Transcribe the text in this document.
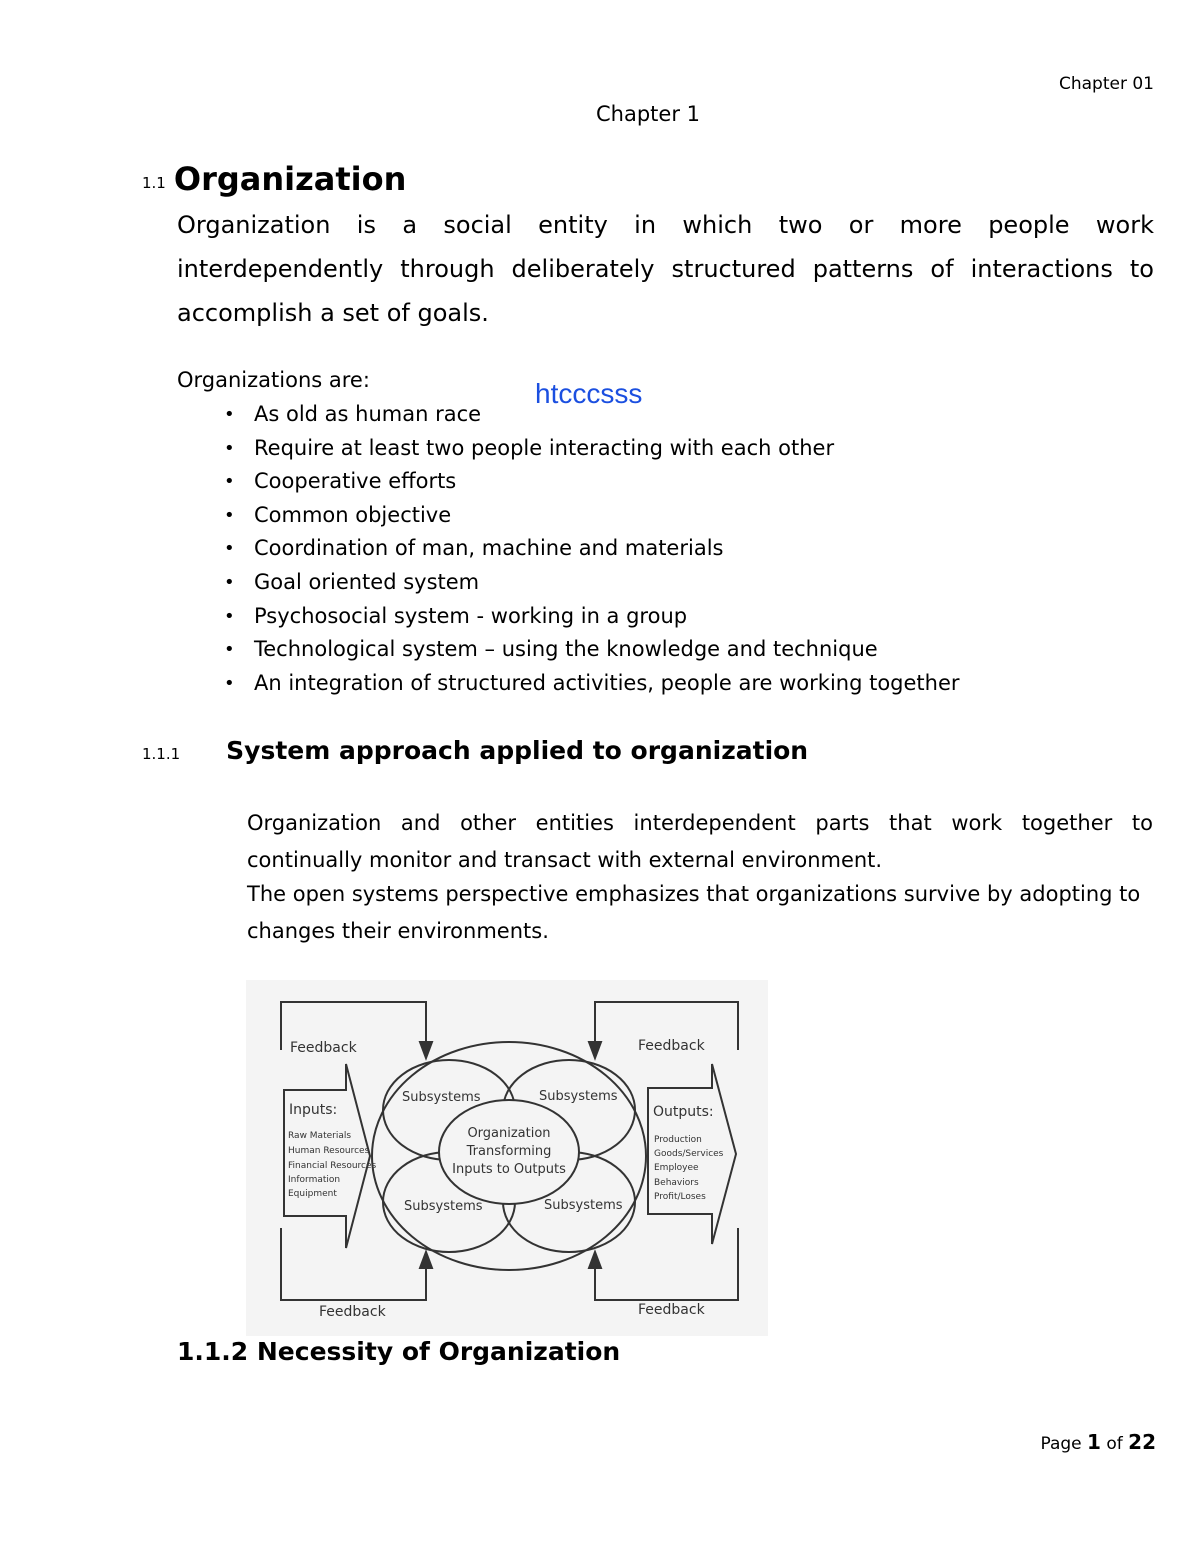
Chapter 01
Chapter 1
1.1 Organization
Organization is a social entity in which two or more people work interdependently through deliberately structured patterns of interactions to accomplish a set of goals.
Organizations are:	htcccsss
• As old as human race
• Require at least two people interacting with each other
• Cooperative efforts
• Common objective
• Coordination of man, machine and materials
• Goal oriented system
• Psychosocial system - working in a group
• Technological system – using the knowledge and technique
• An integration of structured activities, people are working together
1.1.1 System approach applied to organization
Organization and other entities interdependent parts that work together to continually monitor and transact with external environment.
The open systems perspective emphasizes that organizations survive by adopting to changes their environments.
Feedback	Feedback
Feedback	Feedback
Inputs:
Raw Materials
Human Resources
Financial Resources
Information
Equipment
Outputs:
Production
Goods/Services
Employee
Behaviors
Profit/Loses
Subsystems	Subsystems
Subsystems	Subsystems
Organization
Transforming
Inputs to Outputs
1.1.2 Necessity of Organization
Page 1 of 22
